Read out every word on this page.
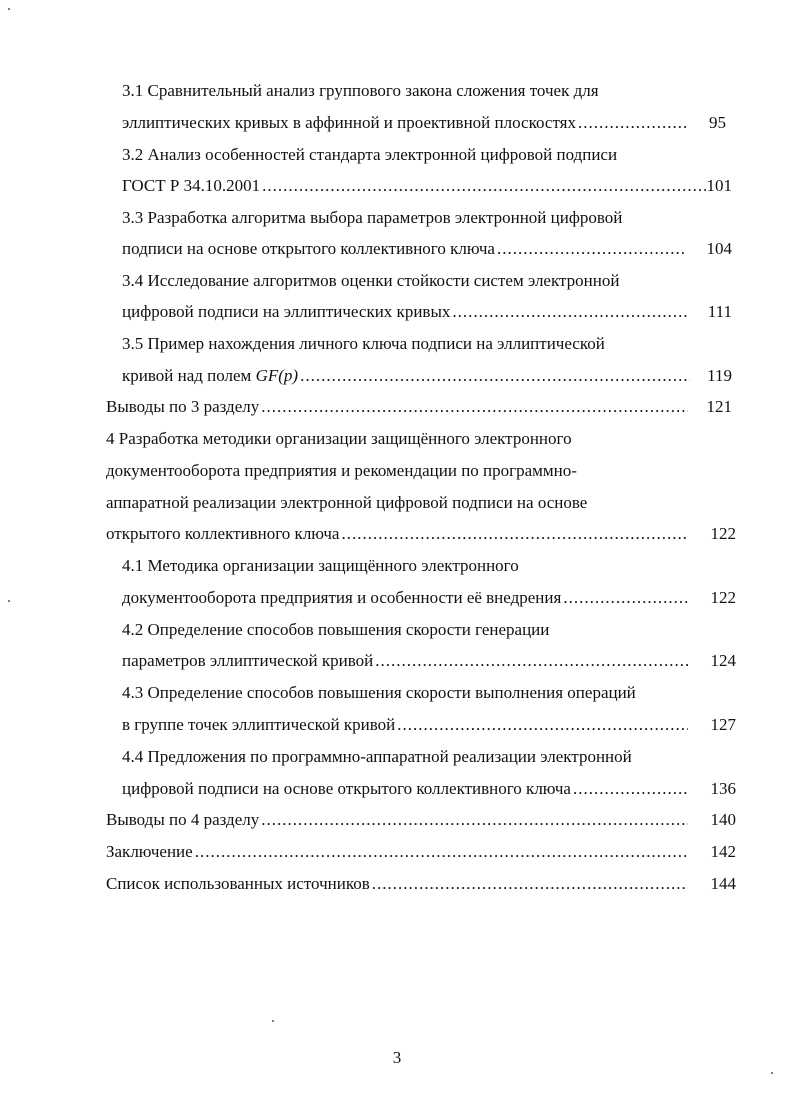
3.1 Сравнительный анализ группового закона сложения точек для
эллиптических кривых в аффинной и проективной плоскостях .....	95
3.2 Анализ особенностей стандарта электронной цифровой подписи
ГОСТ Р 34.10.2001 .....	101
3.3 Разработка алгоритма выбора параметров электронной цифровой
подписи на основе открытого коллективного ключа .....	104
3.4 Исследование алгоритмов оценки стойкости систем электронной
цифровой подписи на эллиптических кривых .....	111
3.5 Пример нахождения личного ключа подписи на эллиптической
кривой над полем GF(p) .....	119
Выводы по 3 разделу .....	121
4 Разработка методики организации защищённого электронного
документооборота предприятия и рекомендации по программно-
аппаратной реализации электронной цифровой подписи на основе
открытого коллективного ключа .....	122
4.1 Методика организации защищённого электронного
документооборота предприятия и особенности её внедрения .....	122
4.2 Определение способов повышения скорости генерации
параметров эллиптической кривой .....	124
4.3 Определение способов повышения скорости выполнения операций
в группе точек эллиптической кривой .....	127
4.4 Предложения по программно-аппаратной реализации электронной
цифровой подписи на основе открытого коллективного ключа .....	136
Выводы по 4 разделу .....	140
Заключение .....	142
Список использованных источников .....	144
3
